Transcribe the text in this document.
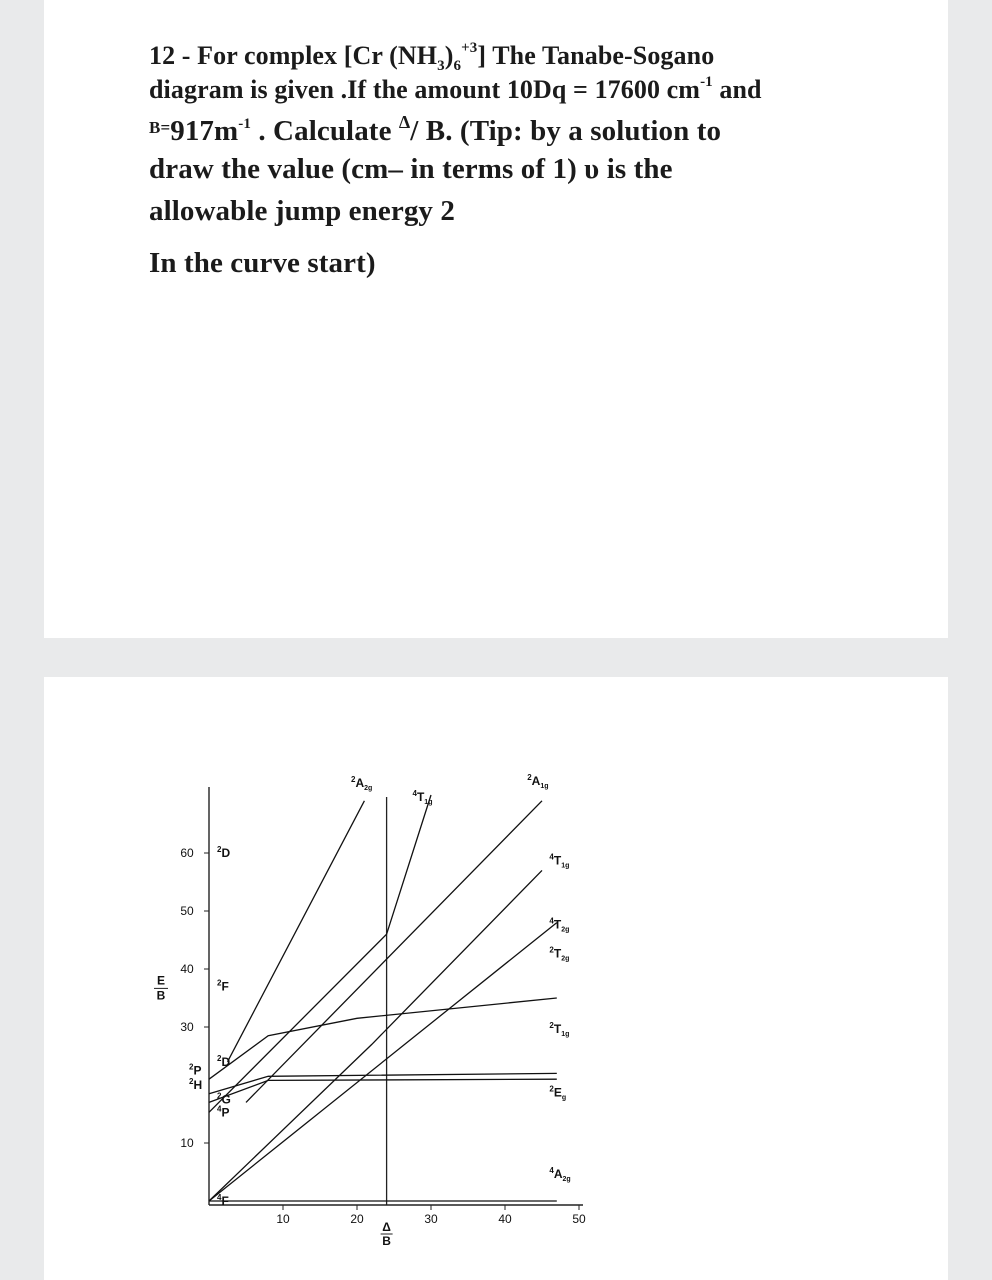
12 - For complex [Cr $(NH_3)_6^{+3}$] The Tanabe-Sogano
diagram is given .If the amount 10Dq = 17600 $cm^{-1}$ and
$^{B=}917m^{-1}$ . Calculate $^\Delta$/ B. (Tip: by a solution to
draw the value (cm– in terms of 1) υ is the
allowable jump energy 2
In the curve start)
10
30
40
50
60
10	20	30	40	50
E
B
Δ
B
$^2$D
$^2$F
$^2$D
$^2$P
$^2$H
$^2$G
$^4$P
$^4$F
$^2A_{2g}$
$^4T_{1g}$
$^2A_{1g}$
$^4T_{1g}$
$^4T_{2g}$
$^2T_{2g}$
$^2T_{1g}$
$^2E_g$
$^4A_{2g}$
